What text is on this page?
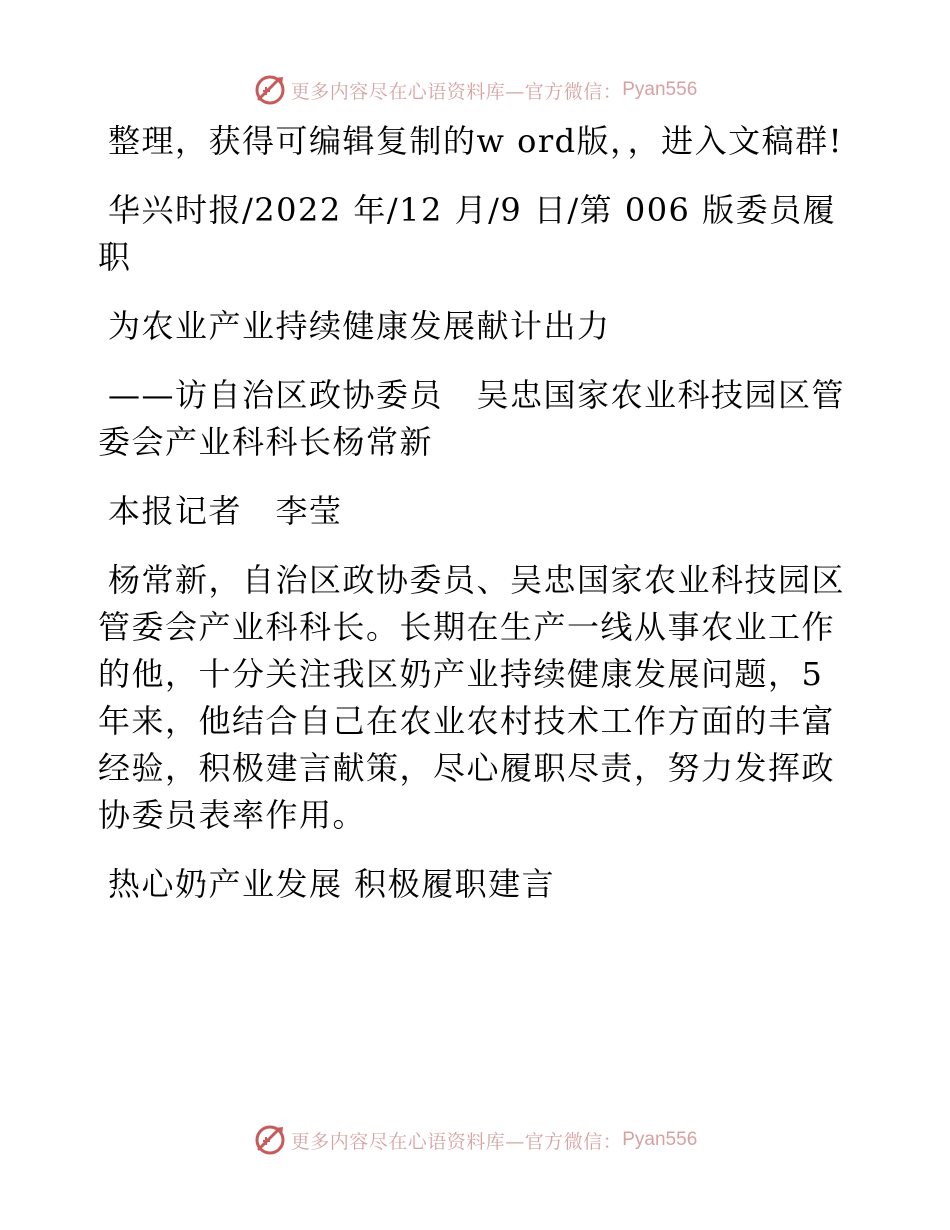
更多内容尽在心语资料库—官方微信： Pyan556

整理，获得可编辑复制的w ord版，，进入文稿群!

华兴时报/2022 年/12 月/9 日/第 006 版委员履职

为农业产业持续健康发展献计出力

——访自治区政协委员　吴忠国家农业科技园区管委会产业科科长杨常新

本报记者　李莹

杨常新，自治区政协委员、吴忠国家农业科技园区管委会产业科科长。长期在生产一线从事农业工作的他，十分关注我区奶产业持续健康发展问题，5 年来，他结合自己在农业农村技术工作方面的丰富经验，积极建言献策，尽心履职尽责，努力发挥政协委员表率作用。

热心奶产业发展 积极履职建言

更多内容尽在心语资料库—官方微信： Pyan556
